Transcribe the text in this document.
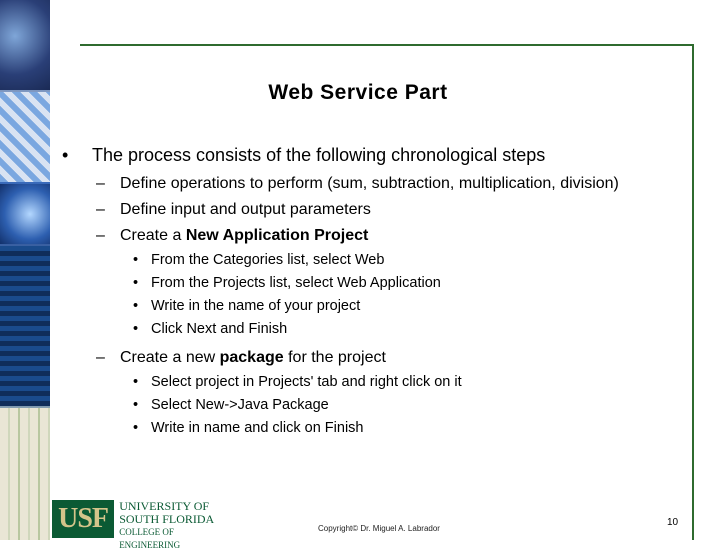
Web Service Part
•	The process consists of the following chronological steps
– Define operations to perform (sum, subtraction, multiplication, division)
– Define input and output parameters
– Create a New Application Project
• From the Categories list, select Web
• From the Projects list, select Web Application
• Write in the name of your project
• Click Next and Finish
– Create a new package for the project
• Select project in Projects' tab and right click on it
• Select New->Java Package
• Write in name and click on Finish
USF UNIVERSITY OF
SOUTH FLORIDA
COLLEGE OF ENGINEERING
Copyright© Dr. Miguel A. Labrador
10
